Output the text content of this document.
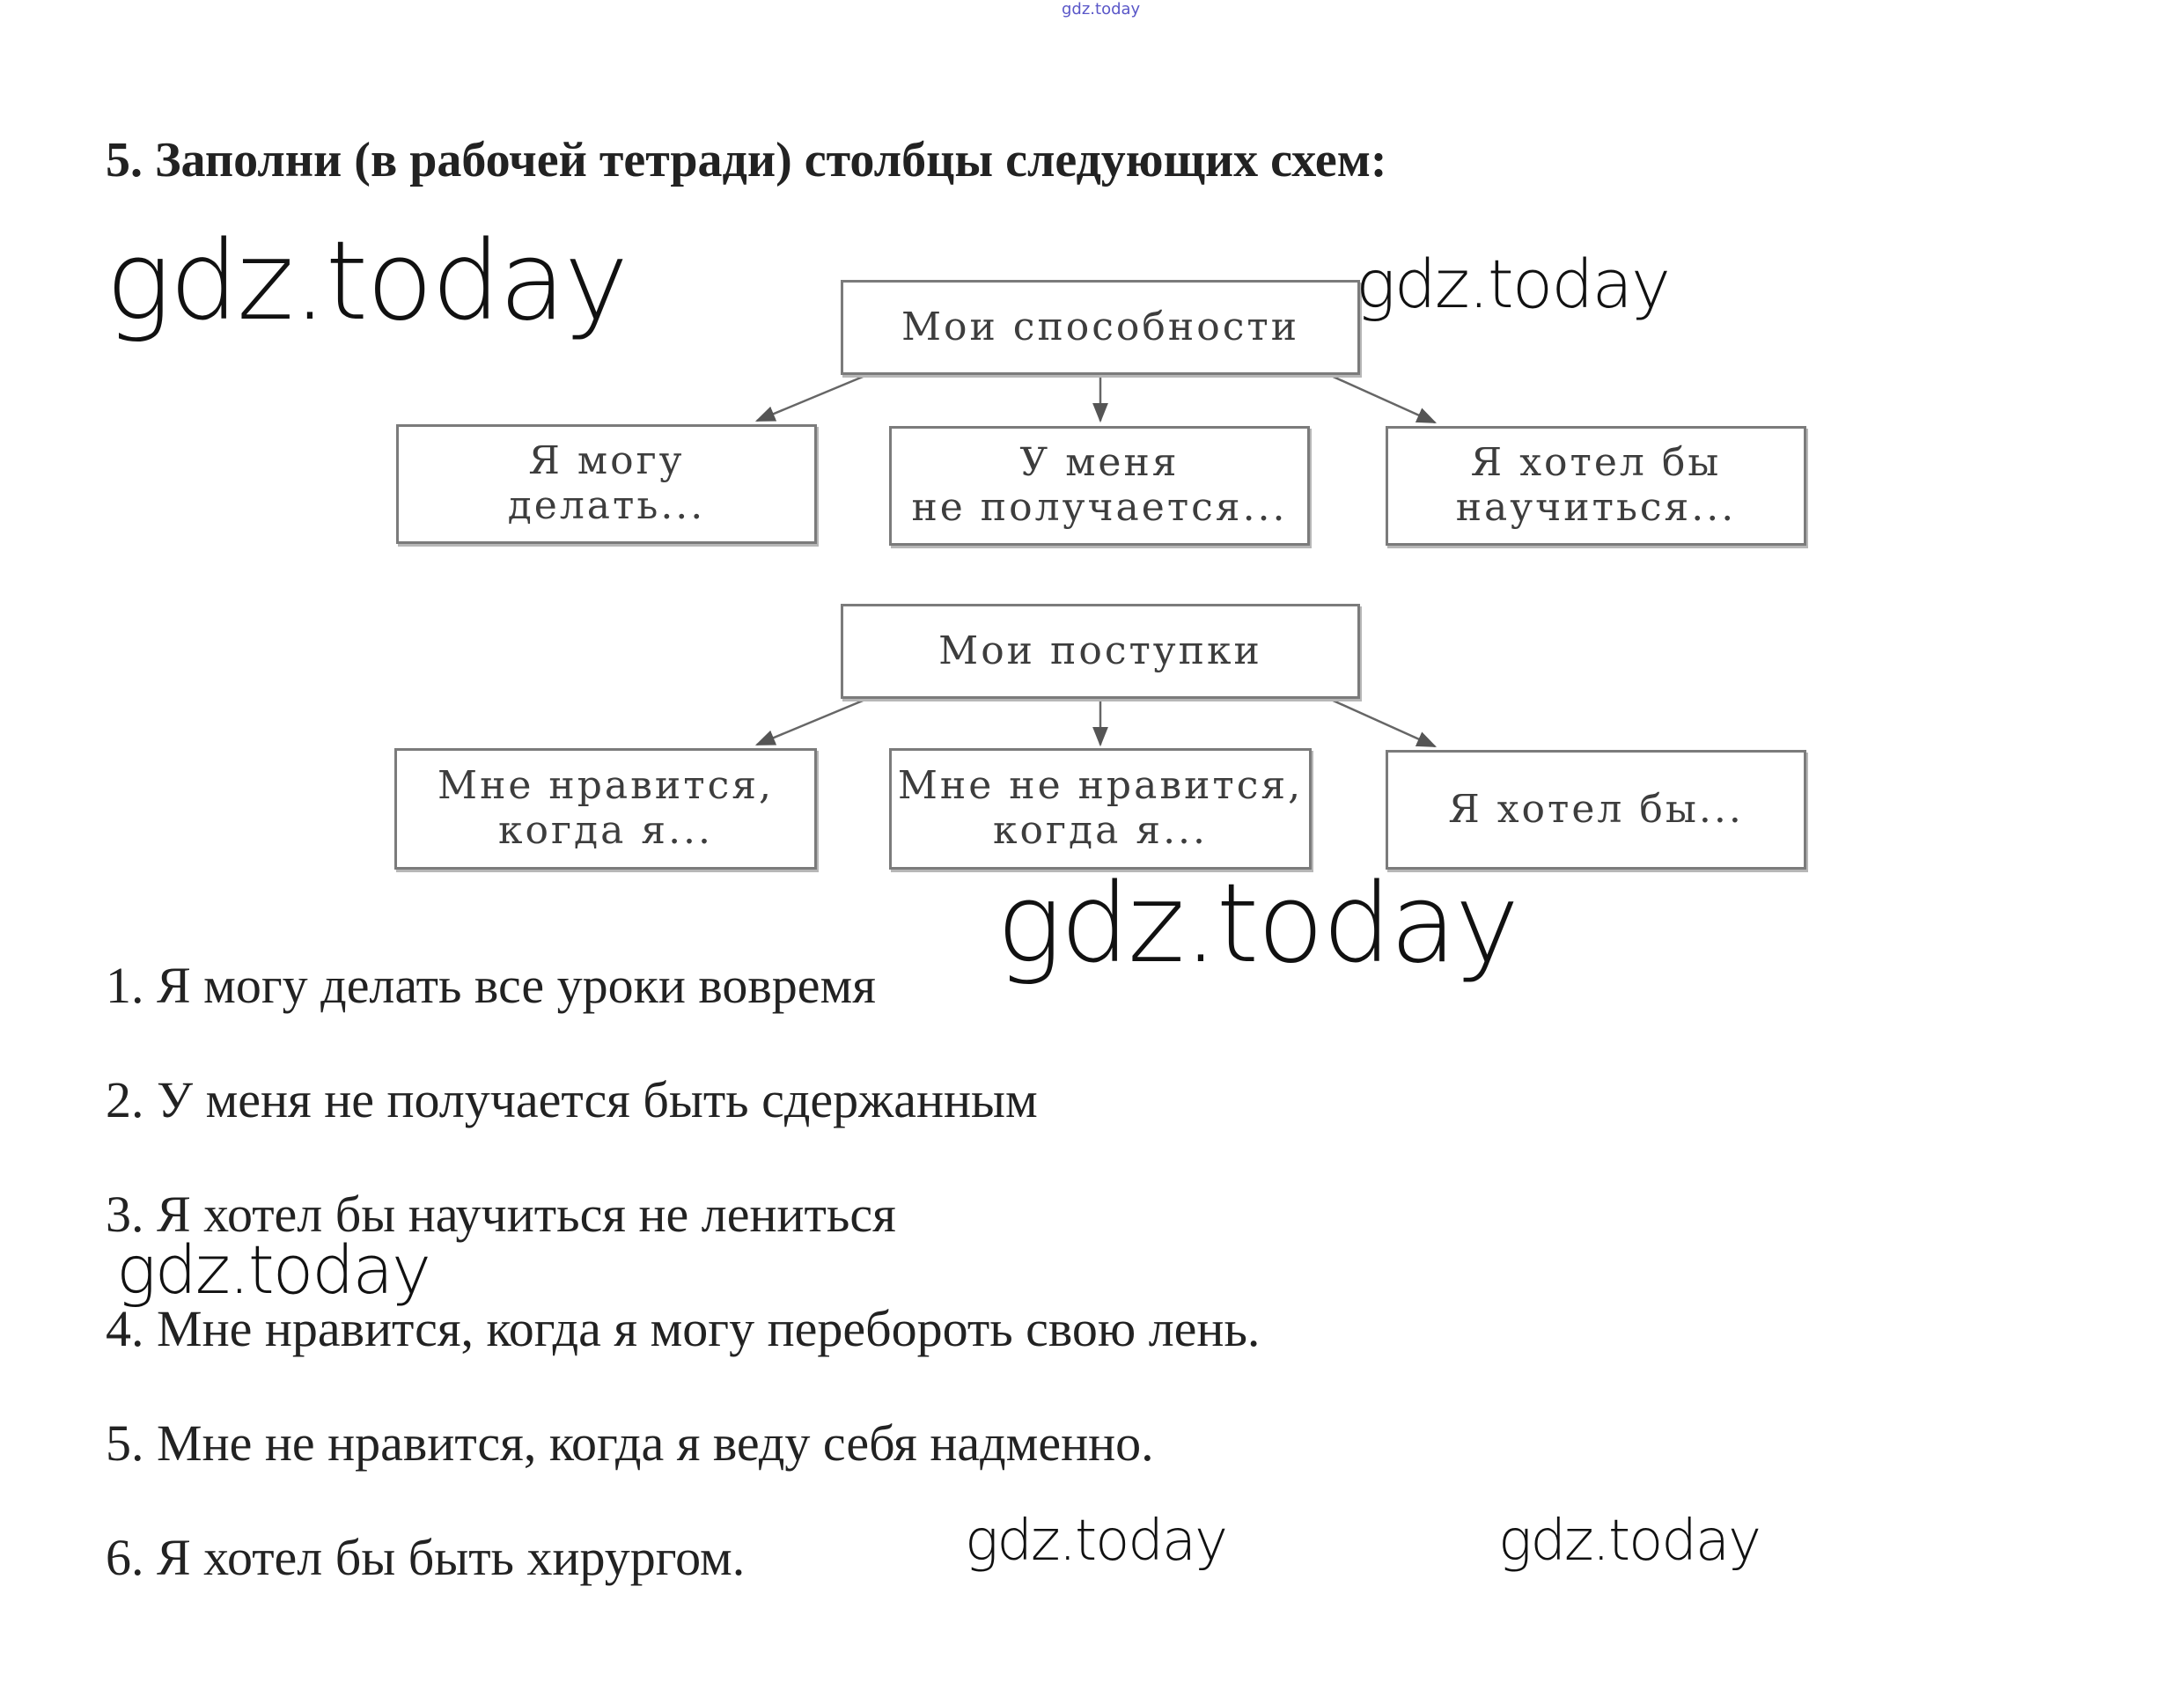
gdz.today
5. Заполни (в рабочей тетради) столбцы следующих схем:
Мои способности
Я могу
делать...
У меня
не получается...
Я хотел бы
научиться...
Мои поступки
Мне нравится,
когда я...
Мне не нравится,
когда я...	Я хотел бы...
1. Я могу делать все уроки вовремя
2. У меня не получается быть сдержанным
3. Я хотел бы научиться не лениться
4. Мне нравится, когда я могу перебороть свою лень.
5. Мне не нравится, когда я веду себя надменно.
6. Я хотел бы быть хирургом.
gdz.today	gdz.today
gdz.today
gdz.today
gdz.today	gdz.today
